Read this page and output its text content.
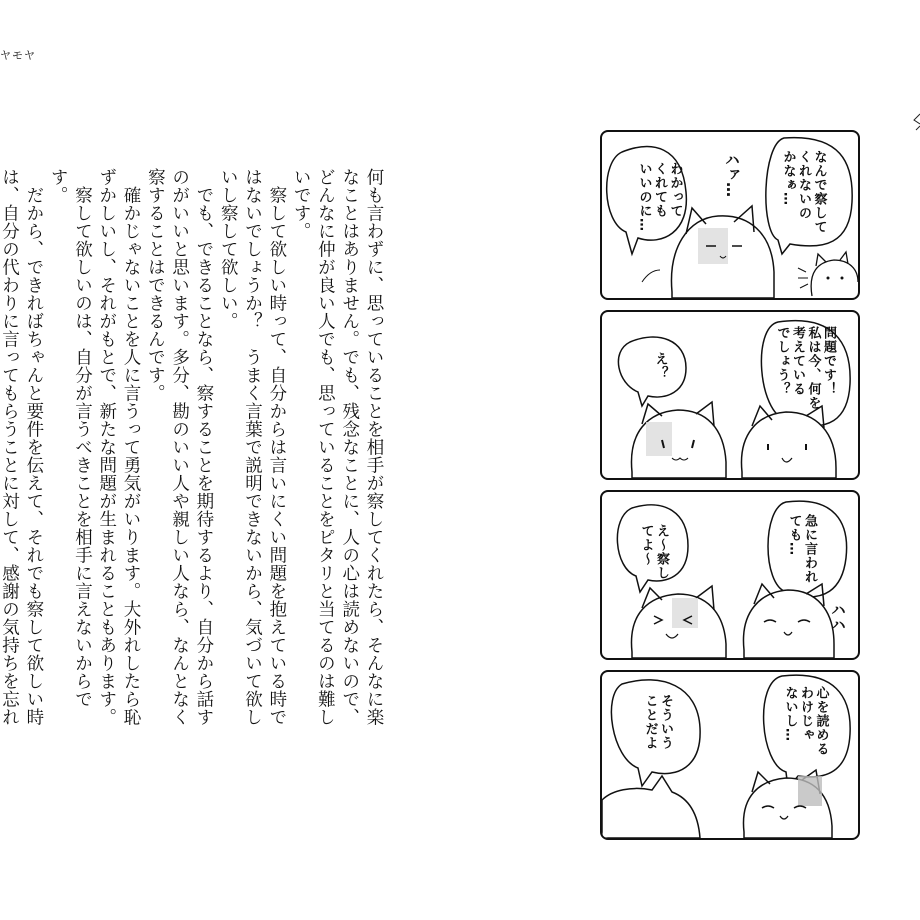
ヤモヤ

何も言わずに、思っていることを相手が察してくれたら、そんなに楽なことはありません。でも、残念なことに、人の心は読めないので、どんなに仲が良い人でも、思っていることをピタリと当てるのは難しいです。

察して欲しい時って、自分からは言いにくい問題を抱えている時ではないでしょうか？　うまく言葉で説明できないから、気づいて欲しいし察して欲しい。

でも、できることなら、察することを期待するより、自分から話すのがいいと思います。多分、勘のいい人や親しい人なら、なんとなく察することはできるんです。

確かじゃないことを人に言うって勇気がいります。大外れしたら恥ずかしいし、それがもとで、新たな問題が生まれることもあります。

察して欲しいのは、自分が言うべきことを相手に言えないからです。

だから、できればちゃんと要件を伝えて、それでも察して欲しい時は、自分の代わりに言ってもらうことに対して、感謝の気持ちを忘れ

なんで察して
くれないの
かなぁ…
わかって
くれても
いいのに…	ハァ…
問題です！
私は今、何を
考えている
でしょう？
え？
急に言われ
ても…
え～察し
てよ～
ハハ
心を読める
わけじゃ
ないし…
そういう
ことだよ
